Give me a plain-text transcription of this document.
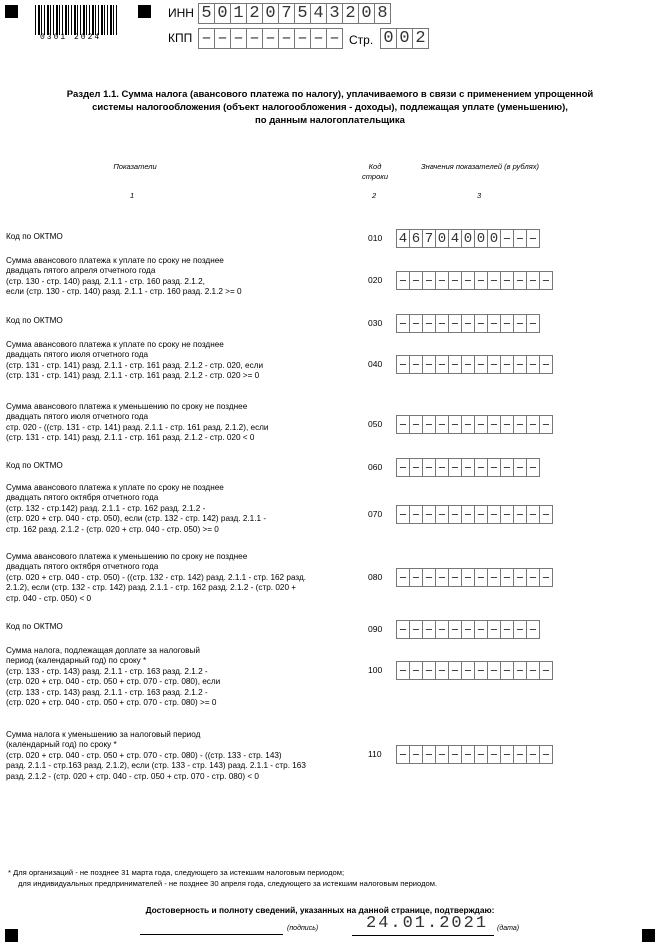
0301 2024
ИНН 5 0 1 2 0 7 5 4 3 2 0 8
КПП – – – – – – – – – Стр. 0 0 2
Раздел 1.1. Сумма налога (авансового платежа по налогу), уплачиваемого в связи с применением упрощенной
системы налогообложения (объект налогообложения - доходы), подлежащая уплате (уменьшению),
по данным налогоплательщика
Показатели	Код
строки
Значения показателей (в рублях)
1	2	3
Код по ОКТМО	010 4 6 7 0 4 0 0 0 – – –
Сумма авансового платежа к уплате по сроку не позднее
двадцать пятого апреля отчетного года
(стр. 130 - стр. 140) разд. 2.1.1 - стр. 160 разд. 2.1.2,
если (стр. 130 - стр. 140) разд. 2.1.1 - стр. 160 разд. 2.1.2 >= 0
020 – – – – – – – – – – – –
Код по ОКТМО	030 – – – – – – – – – – –
Сумма авансового платежа к уплате по сроку не позднее
двадцать пятого июля отчетного года
(стр. 131 - стр. 141) разд. 2.1.1 - стр. 161 разд. 2.1.2 - стр. 020, если
(стр. 131 - стр. 141) разд. 2.1.1 - стр. 161 разд. 2.1.2 - стр. 020 >= 0
040 – – – – – – – – – – – –
Сумма авансового платежа к уменьшению по сроку не позднее
двадцать пятого июля отчетного года
стр. 020 - ((стр. 131 - стр. 141) разд. 2.1.1 - стр. 161 разд. 2.1.2), если
(стр. 131 - стр. 141) разд. 2.1.1 - стр. 161 разд. 2.1.2 - стр. 020 < 0
050 – – – – – – – – – – – –
Код по ОКТМО	060 – – – – – – – – – – –
Сумма авансового платежа к уплате по сроку не позднее
двадцать пятого октября отчетного года
(стр. 132 - стр.142) разд. 2.1.1 - стр. 162 разд. 2.1.2 -
(стр. 020 + стр. 040 - стр. 050), если (стр. 132 - стр. 142) разд. 2.1.1 -
стр. 162 разд. 2.1.2 - (стр. 020 + стр. 040 - стр. 050) >= 0
070 – – – – – – – – – – – –
Сумма авансового платежа к уменьшению по сроку не позднее
двадцать пятого октября отчетного года
(стр. 020 + стр. 040 - стр. 050) - ((стр. 132 - стр. 142) разд. 2.1.1 - стр. 162 разд.
2.1.2), если (стр. 132 - стр. 142) разд. 2.1.1 - стр. 162 разд. 2.1.2 - (стр. 020 +
стр. 040 - стр. 050) < 0
080 – – – – – – – – – – – –
Код по ОКТМО	090 – – – – – – – – – – –
Сумма налога, подлежащая доплате за налоговый
период (календарный год) по сроку *
(стр. 133 - стр. 143) разд. 2.1.1 - стр. 163 разд. 2.1.2 -
(стр. 020 + стр. 040 - стр. 050 + стр. 070 - стр. 080), если
(стр. 133 - стр. 143) разд. 2.1.1 - стр. 163 разд. 2.1.2 -
(стр. 020 + стр. 040 - стр. 050 + стр. 070 - стр. 080) >= 0
100 – – – – – – – – – – – –
Сумма налога к уменьшению за налоговый период
(календарный год) по сроку *
(стр. 020 + стр. 040 - стр. 050 + стр. 070 - стр. 080) - ((стр. 133 - стр. 143)
разд. 2.1.1 - стр.163 разд. 2.1.2), если (стр. 133 - стр. 143) разд. 2.1.1 - стр. 163
разд. 2.1.2 - (стр. 020 + стр. 040 - стр. 050 + стр. 070 - стр. 080) < 0
110 – – – – – – – – – – – –
* Для организаций - не позднее 31 марта года, следующего за истекшим налоговым периодом;
для индивидуальных предпринимателей - не позднее 30 апреля года, следующего за истекшим налоговым периодом.
Достоверность и полноту сведений, указанных на данной странице, подтверждаю:
(подпись)	24.01.2021 (дата)
